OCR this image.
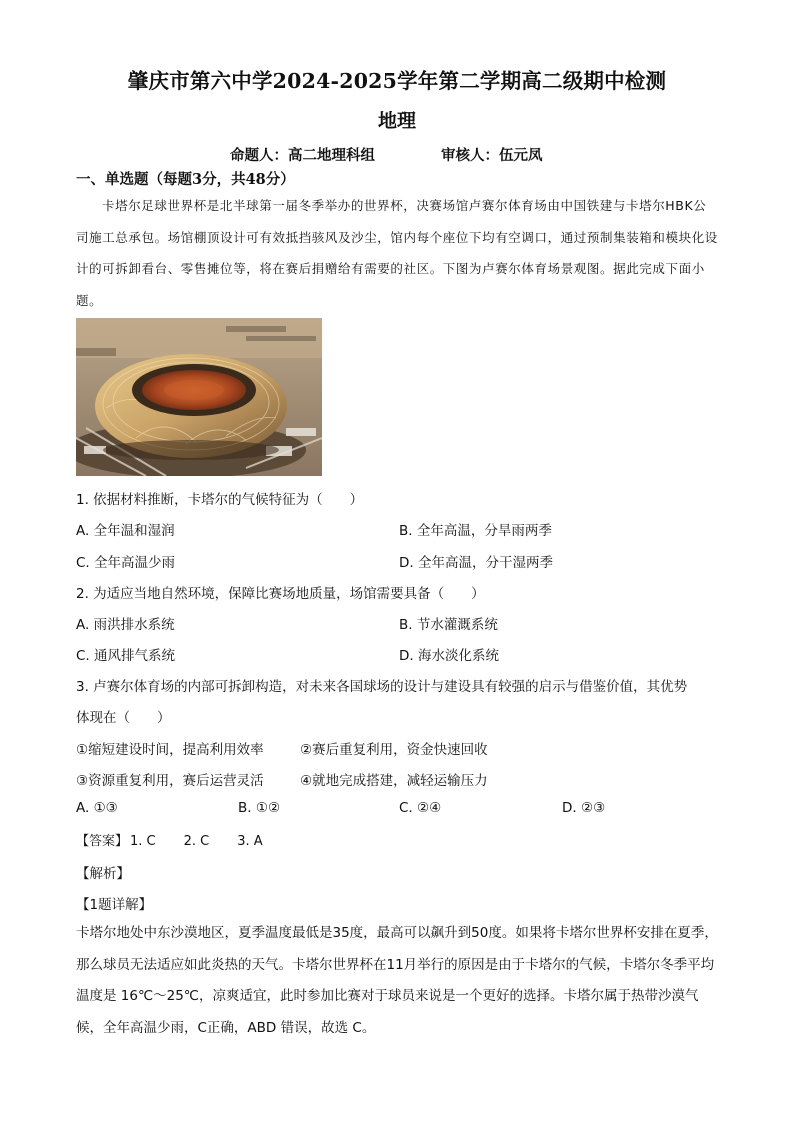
肇庆市第六中学2024-2025学年第二学期高二级期中检测
地理
命题人：高二地理科组	审核人：伍元凤
一、单选题（每题3分，共48分）
卡塔尔足球世界杯是北半球第一届冬季举办的世界杯，决赛场馆卢赛尔体育场由中国铁建与卡塔尔HBK公司施工总承包。场馆棚顶设计可有效抵挡骇风及沙尘，馆内每个座位下均有空调口，通过预制集装箱和模块化设计的可拆卸看台、零售摊位等，将在赛后捐赠给有需要的社区。下图为卢赛尔体育场景观图。据此完成下面小题。
1. 依据材料推断，卡塔尔的气候特征为（　　）
A. 全年温和湿润	B. 全年高温，分旱雨两季
C. 全年高温少雨	D. 全年高温，分干湿两季
2. 为适应当地自然环境，保障比赛场地质量，场馆需要具备（　　）
A. 雨洪排水系统	B. 节水灌溉系统
C. 通风排气系统	D. 海水淡化系统
3. 卢赛尔体育场的内部可拆卸构造，对未来各国球场的设计与建设具有较强的启示与借鉴价值，其优势
体现在（　　）
①缩短建设时间，提高利用效率	②赛后重复利用，资金快速回收
③资源重复利用，赛后运营灵活	④就地完成搭建，减轻运输压力
A. ①③	B. ①②	C. ②④	D. ②③
【答案】 1. C 2. C 3. A
【解析】
【1题详解】
卡塔尔地处中东沙漠地区，夏季温度最低是35度，最高可以飙升到50度。如果将卡塔尔世界杯安排在夏季，那么球员无法适应如此炎热的天气。卡塔尔世界杯在11月举行的原因是由于卡塔尔的气候，卡塔尔冬季平均温度是 16℃～25℃，凉爽适宜，此时参加比赛对于球员来说是一个更好的选择。卡塔尔属于热带沙漠气候，全年高温少雨，C正确，ABD 错误，故选 C。
